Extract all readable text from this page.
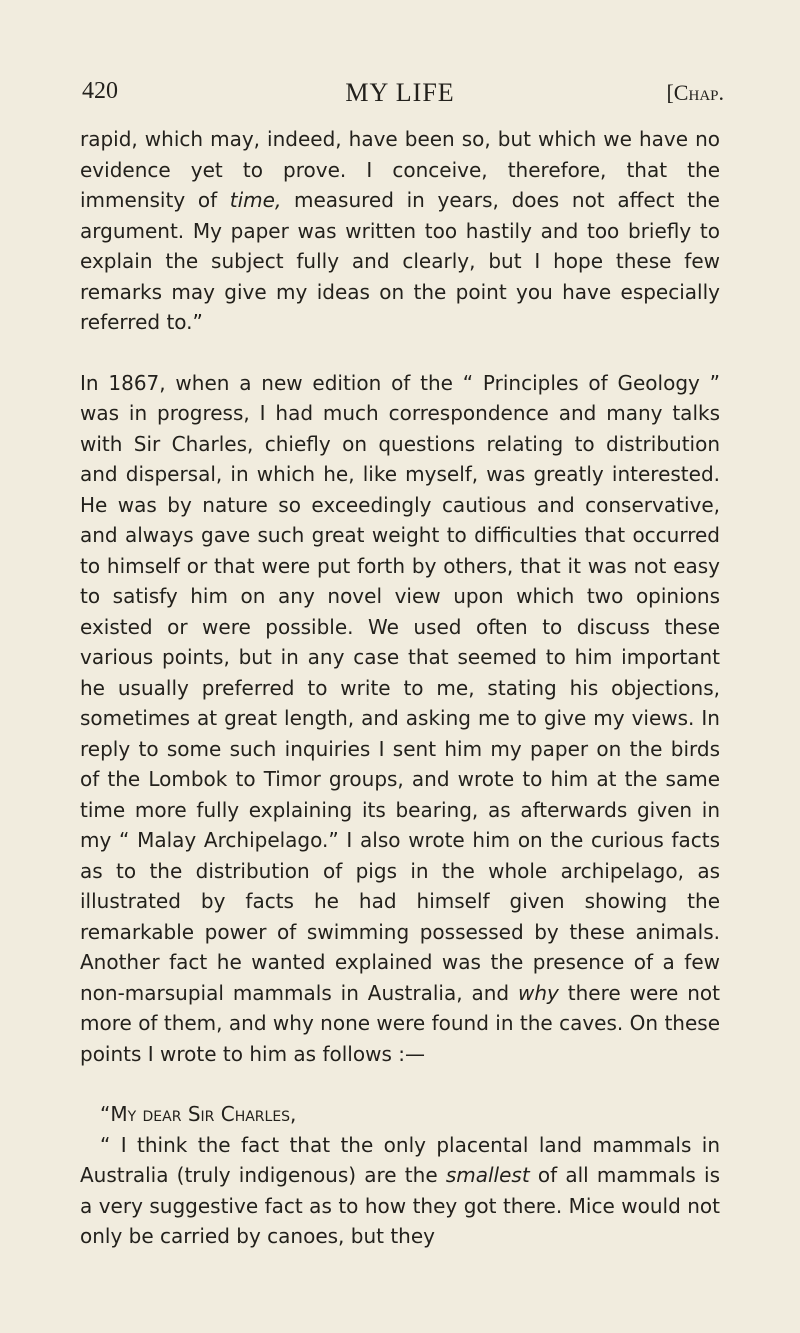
420	MY LIFE	[Chap.

rapid, which may, indeed, have been so, but which we have no evidence yet to prove. I conceive, therefore, that the immensity of time, measured in years, does not affect the argument. My paper was written too hastily and too briefly to explain the subject fully and clearly, but I hope these few remarks may give my ideas on the point you have especially referred to.”

In 1867, when a new edition of the “ Principles of Geology ” was in progress, I had much correspondence and many talks with Sir Charles, chiefly on questions relating to distribution and dispersal, in which he, like myself, was greatly interested. He was by nature so exceedingly cautious and conservative, and always gave such great weight to difficulties that occurred to himself or that were put forth by others, that it was not easy to satisfy him on any novel view upon which two opinions existed or were possible. We used often to discuss these various points, but in any case that seemed to him important he usually preferred to write to me, stating his objections, sometimes at great length, and asking me to give my views. In reply to some such inquiries I sent him my paper on the birds of the Lombok to Timor groups, and wrote to him at the same time more fully explaining its bearing, as afterwards given in my “ Malay Archipelago.” I also wrote him on the curious facts as to the distribution of pigs in the whole archipelago, as illustrated by facts he had himself given showing the remarkable power of swimming possessed by these animals. Another fact he wanted explained was the presence of a few non-marsupial mammals in Australia, and why there were not more of them, and why none were found in the caves. On these points I wrote to him as follows :—

“My dear Sir Charles,

“ I think the fact that the only placental land mammals in Australia (truly indigenous) are the smallest of all mammals is a very suggestive fact as to how they got there. Mice would not only be carried by canoes, but they
